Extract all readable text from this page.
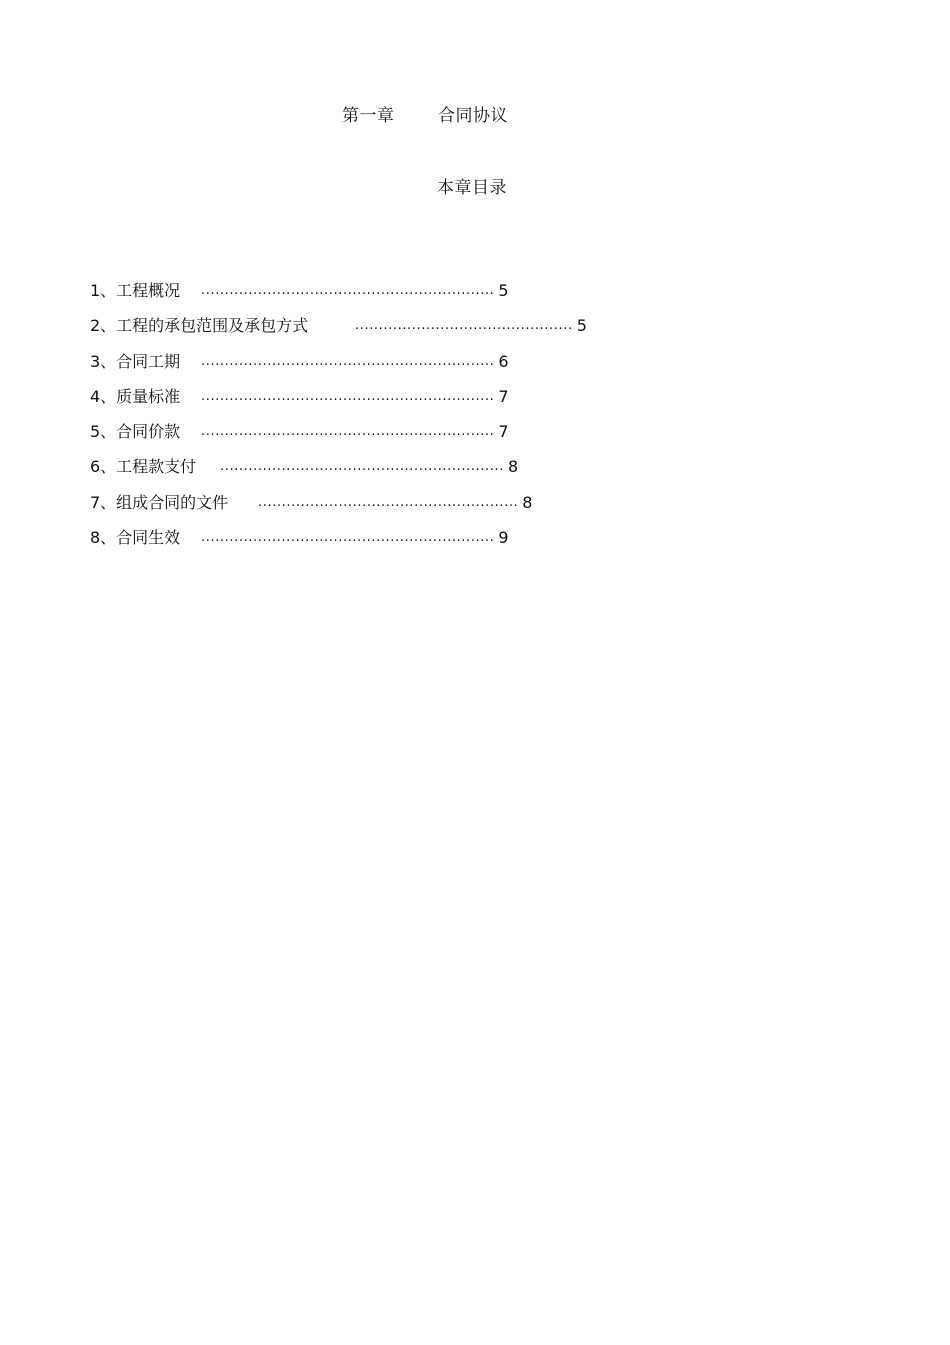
第一章	合同协议
本章目录
1、工程概况 .............................................................. 5
2、工程的承包范围及承包方式	.............................................. 5
3、合同工期 .............................................................. 6
4、质量标准 .............................................................. 7
5、合同价款 .............................................................. 7
6、工程款支付 ............................................................ 8
7、组成合同的文件 ....................................................... 8
8、合同生效 .............................................................. 9
